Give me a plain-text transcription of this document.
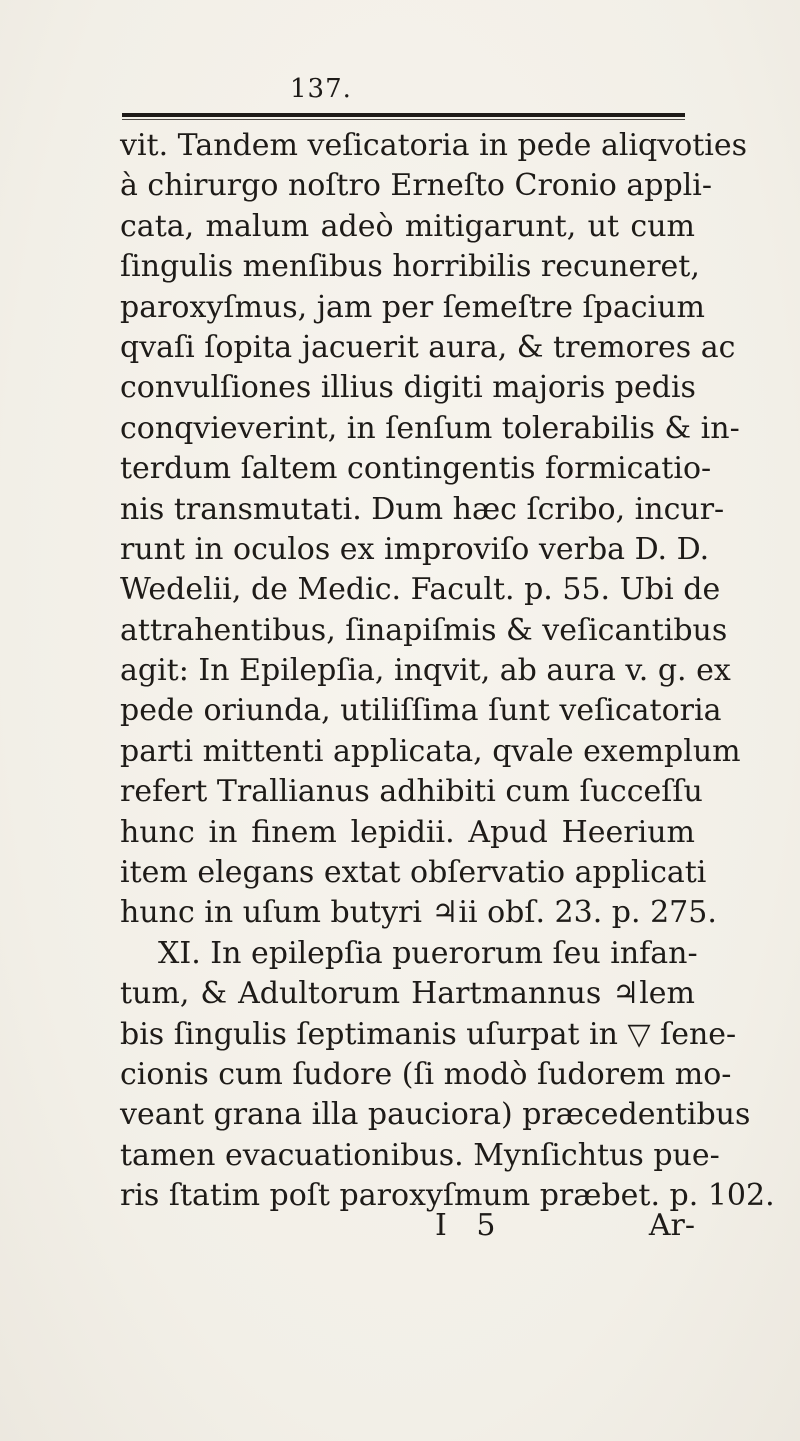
137.
vit. Tandem veſicatoria in pede aliqvoties
à chirurgo noſtro Erneſto Cronio appli-
cata, malum adeò mitigarunt, ut cum
ſingulis menſibus horribilis recuneret,
paroxyſmus, jam per ſemeſtre ſpacium
qvaſi ſopita jacuerit aura, & tremores ac
convulſiones illius digiti majoris pedis
conqvieverint, in ſenſum tolerabilis & in-
terdum ſaltem contingentis formicatio-
nis transmutati. Dum hæc ſcribo, incur-
runt in oculos ex improviſo verba D. D.
Wedelii, de Medic. Facult. p. 55. Ubi de
attrahentibus, ſinapiſmis & veſicantibus
agit: In Epilepſia, inqvit, ab aura v. g. ex
pede oriunda, utiliſſima ſunt veſicatoria
parti mittenti applicata, qvale exemplum
refert Trallianus adhibiti cum ſucceſſu
hunc in finem lepidii. Apud Heerium
item elegans extat obſervatio applicati
hunc in uſum butyri ♃ii obſ. 23. p. 275.
XI. In epilepſia puerorum ſeu infan-
tum, & Adultorum Hartmannus ♃lem
bis ſingulis ſeptimanis uſurpat in ▽ ſene-
cionis cum ſudore (ſi modò ſudorem mo-
veant grana illa pauciora) præcedentibus
tamen evacuationibus. Mynſichtus pue-
ris ſtatim poſt paroxyſmum præbet. p. 102.
I 5	Ar-
